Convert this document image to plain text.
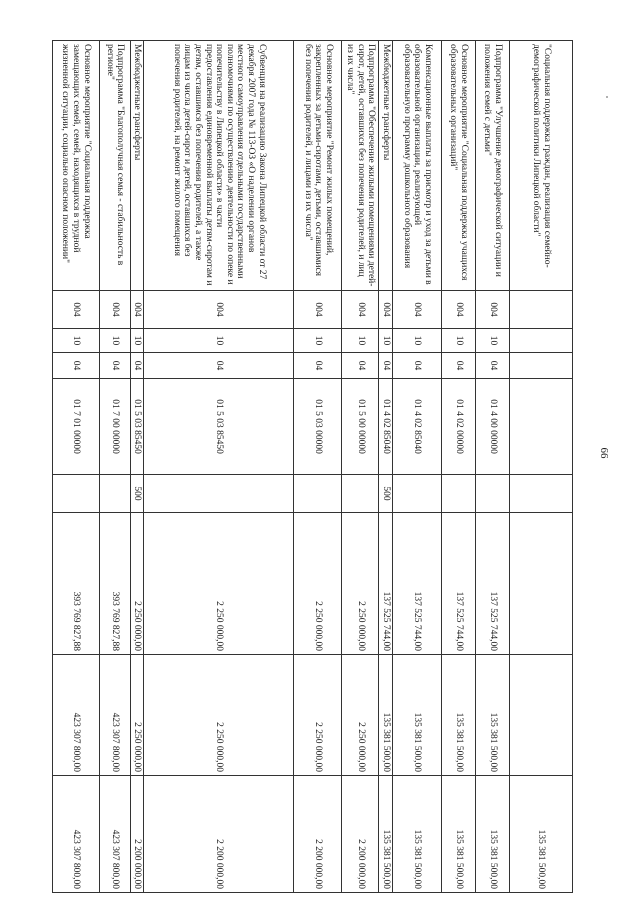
66
"Социальная поддержка граждан, реализация семейно-демографической политики Липецкой области"								135 381 500,00
Подпрограмма "Улучшение демографической ситуации и положения семей с детьми"	004	10	04	01 4 00 00000		137 525 744,00	135 381 500,00	135 381 500,00
Основное мероприятие "Социальная поддержка учащихся образовательных организаций"	004	10	04	01 4 02 00000		137 525 744,00	135 381 500,00	135 381 500,00
Компенсационные выплаты за присмотр и уход за детьми в образовательной организации, реализующей образовательную программу дошкольного образования	004	10	04	01 4 02 85040		137 525 744,00	135 381 500,00	135 381 500,00
Межбюджетные трансферты	004	10	04	01 4 02 85040	500	137 525 744,00	135 381 500,00	135 381 500,00
Подпрограмма "Обеспечение жилыми помещениями детей-сирот, детей, оставшихся без попечения родителей, и лиц из их числа"	004	10	04	01 5 00 00000		2 250 000,00	2 250 000,00	2 200 000,00
Основное мероприятие "Ремонт жилых помещений, закрепленных за детьми-сиротами, детьми, оставшимися без попечения родителей, и лицами из их числа"	004	10	04	01 5 03 00000		2 250 000,00	2 250 000,00	2 200 000,00
Субвенция на реализацию Закона Липецкой области от 27 декабря 2007 года № 113-ОЗ «О наделении органов местного самоуправления отдельными государственными полномочиями по осуществлению деятельности по опеке и попечительству в Липецкой области» в части предоставления единовременной выплаты детям-сиротам и детям, оставшимся без попечения родителей, а также лицам из числа детей-сирот и детей, оставшихся без попечения родителей, на ремонт жилого помещения	004	10	04	01 5 03 85450		2 250 000,00	2 250 000,00	2 200 000,00
Межбюджетные трансферты	004	10	04	01 5 03 85450	500	2 250 000,00	2 250 000,00	2 200 000,00
Подпрограмма "Благополучная семья - стабильность в регионе"	004	10	04	01 7 00 00000		393 769 827,88	423 307 800,00	423 307 800,00
Основное мероприятие "Социальная поддержка замещающих семей, семей, находящихся в трудной жизненной ситуации, социально опасном положении"	004	10	04	01 7 01 00000		393 769 827,88	423 307 800,00	423 307 800,00
